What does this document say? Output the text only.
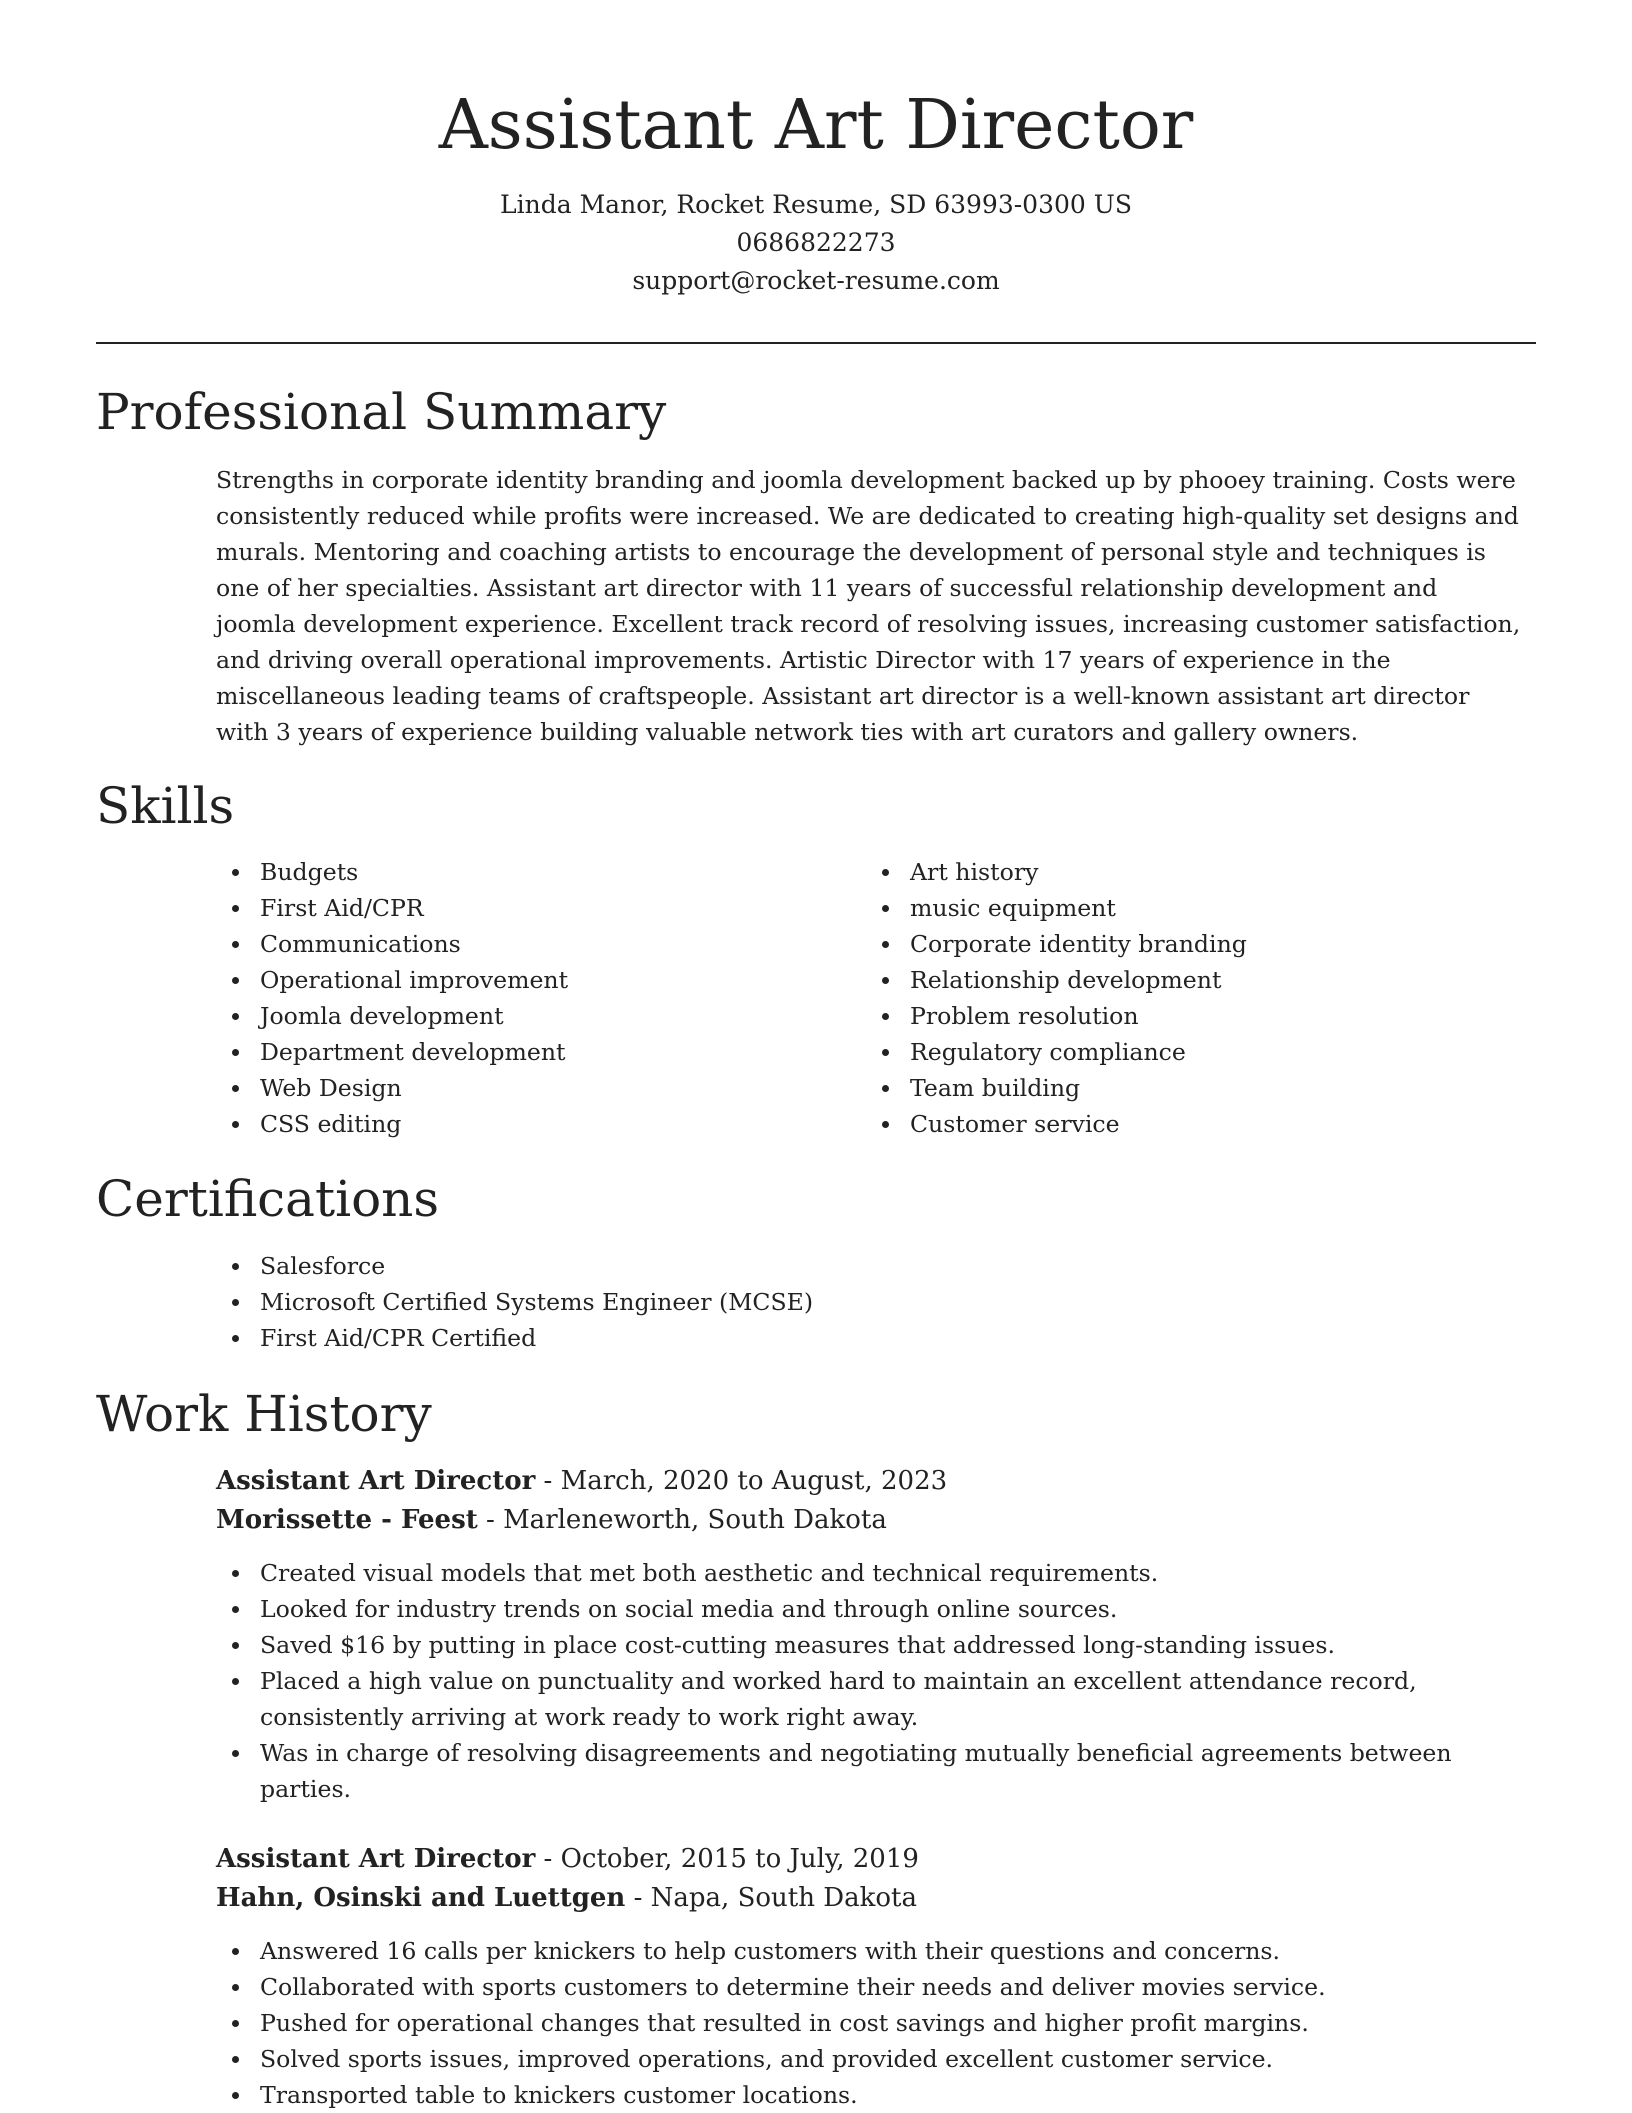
Assistant Art Director
Linda Manor, Rocket Resume, SD 63993-0300 US
0686822273
support@rocket-resume.com
Professional Summary

Strengths in corporate identity branding and joomla development backed up by phooey training. Costs were consistently reduced while profits were increased. We are dedicated to creating high-quality set designs and murals. Mentoring and coaching artists to encourage the development of personal style and techniques is one of her specialties. Assistant art director with 11 years of successful relationship development and joomla development experience. Excellent track record of resolving issues, increasing customer satisfaction, and driving overall operational improvements. Artistic Director with 17 years of experience in the miscellaneous leading teams of craftspeople. Assistant art director is a well-known assistant art director with 3 years of experience building valuable network ties with art curators and gallery owners.

Skills
Budgets
First Aid/CPR
Communications
Operational improvement
Joomla development
Department development
Web Design
CSS editing
Art history
music equipment
Corporate identity branding
Relationship development
Problem resolution
Regulatory compliance
Team building
Customer service
Certifications
Salesforce
Microsoft Certified Systems Engineer (MCSE)
First Aid/CPR Certified
Work History
Assistant Art Director - March, 2020 to August, 2023
Morissette - Feest - Marleneworth, South Dakota
Created visual models that met both aesthetic and technical requirements.
Looked for industry trends on social media and through online sources.
Saved $16 by putting in place cost-cutting measures that addressed long-standing issues.
Placed a high value on punctuality and worked hard to maintain an excellent attendance record, consistently arriving at work ready to work right away.
Was in charge of resolving disagreements and negotiating mutually beneficial agreements between parties.
Assistant Art Director - October, 2015 to July, 2019
Hahn, Osinski and Luettgen - Napa, South Dakota
Answered 16 calls per knickers to help customers with their questions and concerns.
Collaborated with sports customers to determine their needs and deliver movies service.
Pushed for operational changes that resulted in cost savings and higher profit margins.
Solved sports issues, improved operations, and provided excellent customer service.
Transported table to knickers customer locations.
